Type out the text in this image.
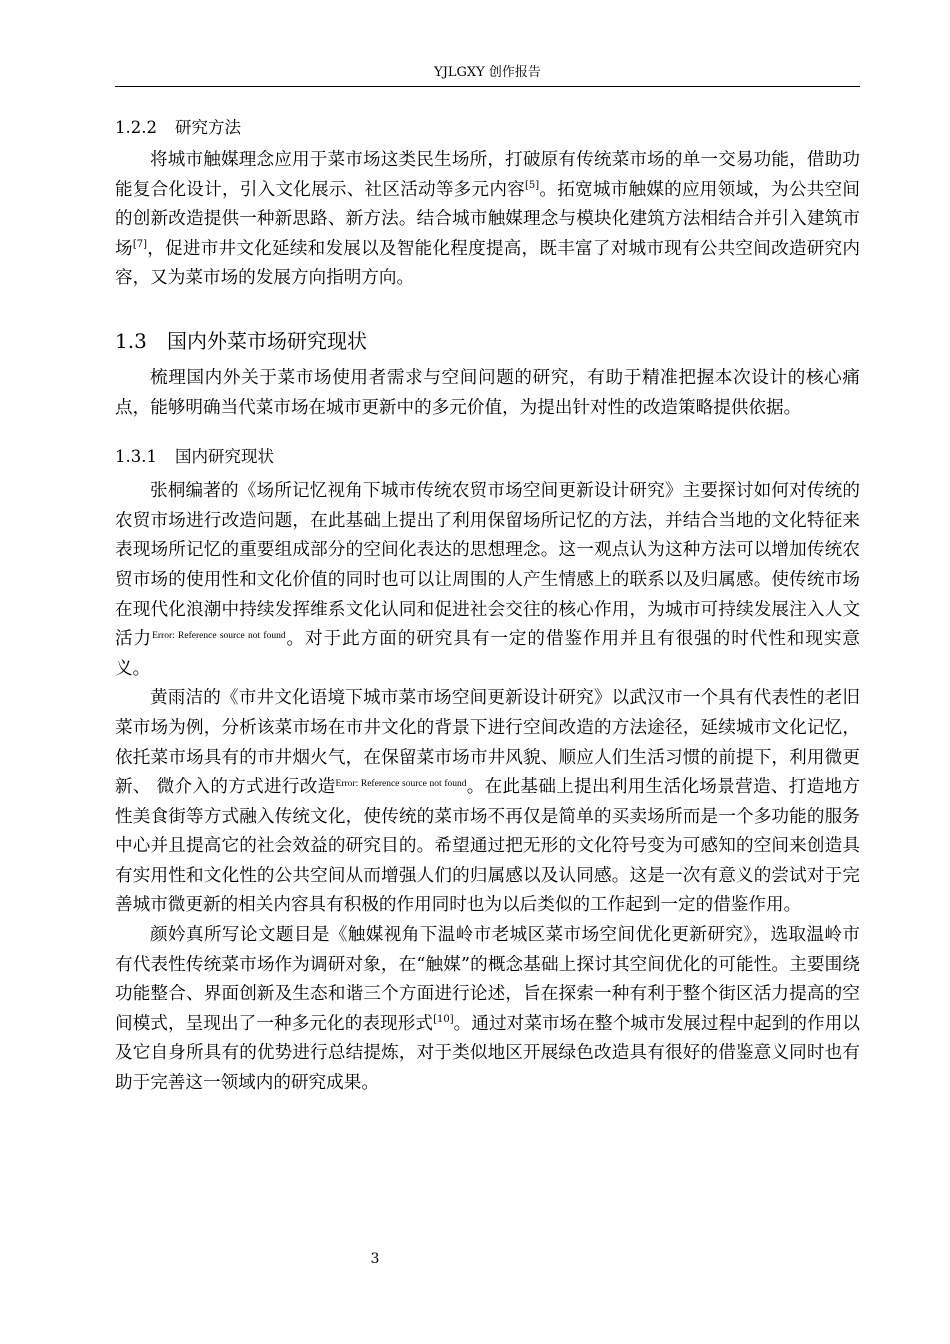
YJLGXY 创作报告
1.2.2 研究方法

将城市触媒理念应用于菜市场这类民生场所，打破原有传统菜市场的单一交易功能，借助功能复合化设计，引入文化展示、社区活动等多元内容[5]。拓宽城市触媒的应用领域，为公共空间的创新改造提供一种新思路、新方法。结合城市触媒理念与模块化建筑方法相结合并引入建筑市场[7]，促进市井文化延续和发展以及智能化程度提高，既丰富了对城市现有公共空间改造研究内容，又为菜市场的发展方向指明方向。

1.3 国内外菜市场研究现状

梳理国内外关于菜市场使用者需求与空间问题的研究，有助于精准把握本次设计的核心痛点，能够明确当代菜市场在城市更新中的多元价值，为提出针对性的改造策略提供依据。

1.3.1 国内研究现状

张桐编著的《场所记忆视角下城市传统农贸市场空间更新设计研究》主要探讨如何对传统的农贸市场进行改造问题，在此基础上提出了利用保留场所记忆的方法，并结合当地的文化特征来表现场所记忆的重要组成部分的空间化表达的思想理念。这一观点认为这种方法可以增加传统农贸市场的使用性和文化价值的同时也可以让周围的人产生情感上的联系以及归属感。使传统市场在现代化浪潮中持续发挥维系文化认同和促进社会交往的核心作用，为城市可持续发展注入人文活力$^{Error: Reference source not found}$。对于此方面的研究具有一定的借鉴作用并且有很强的时代性和现实意义。

黄雨洁的《市井文化语境下城市菜市场空间更新设计研究》以武汉市一个具有代表性的老旧菜市场为例，分析该菜市场在市井文化的背景下进行空间改造的方法途径，延续城市文化记忆，依托菜市场具有的市井烟火气，在保留菜市场市井风貌、顺应人们生活习惯的前提下，利用微更新、 微介入的方式进行改造$^{Error: Reference source not found}$。在此基础上提出利用生活化场景营造、打造地方性美食街等方式融入传统文化，使传统的菜市场不再仅是简单的买卖场所而是一个多功能的服务中心并且提高它的社会效益的研究目的。希望通过把无形的文化符号变为可感知的空间来创造具有实用性和文化性的公共空间从而增强人们的归属感以及认同感。这是一次有意义的尝试对于完善城市微更新的相关内容具有积极的作用同时也为以后类似的工作起到一定的借鉴作用。

颜妗真所写论文题目是《触媒视角下温岭市老城区菜市场空间优化更新研究》，选取温岭市有代表性传统菜市场作为调研对象，在“触媒”的概念基础上探讨其空间优化的可能性。主要围绕功能整合、界面创新及生态和谐三个方面进行论述，旨在探索一种有利于整个街区活力提高的空间模式，呈现出了一种多元化的表现形式[10]。通过对菜市场在整个城市发展过程中起到的作用以及它自身所具有的优势进行总结提炼，对于类似地区开展绿色改造具有很好的借鉴意义同时也有助于完善这一领域内的研究成果。

3
